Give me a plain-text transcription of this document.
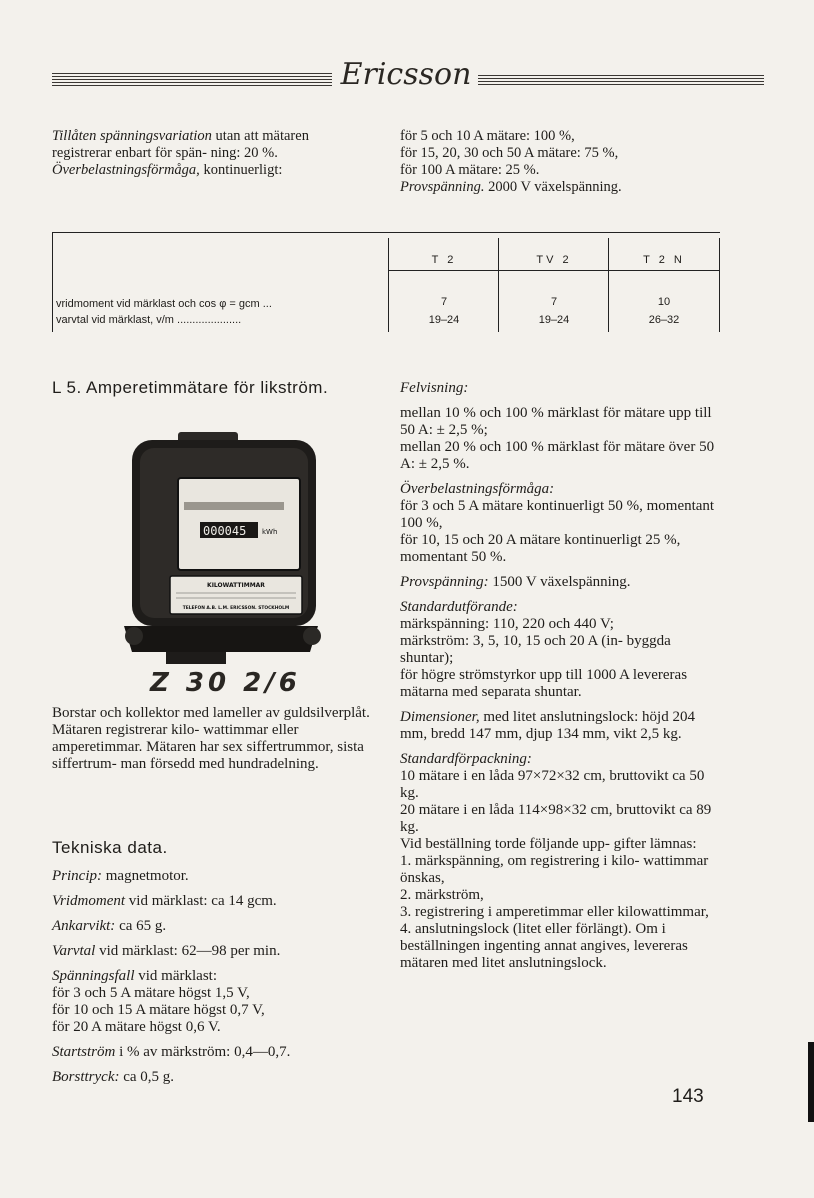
Ericsson

Tillåten spänningsvariation utan att mätaren registrerar enbart för spän- ning: 20 %.

Överbelastningsförmåga, kontinuerligt:

för 5 och 10 A mätare: 100 %,

för 15, 20, 30 och 50 A mätare: 75 %,

för 100 A mätare: 25 %.

Provspänning. 2000 V växelspänning.

vridmoment vid märklast och cos φ = gcm ...
varvtal vid märklast, v/m .....................
T 2
7
19–24
TV 2
7
19–24
T 2 N
10
26–32
L 5. Amperetimmätare för likström.
000045 kWh
KILOWATTIMMAR
TELEFON A.B. L.M. ERICSSON. STOCKHOLM
Z 30 2/6

Borstar och kollektor med lameller av guldsilverplåt. Mätaren registrerar kilo- wattimmar eller amperetimmar. Mätaren har sex siffertrummor, sista siffertrum- man försedd med hundradelning.

Tekniska data.

Princip: magnetmotor.

Vridmoment vid märklast: ca 14 gcm.

Ankarvikt: ca 65 g.

Varvtal vid märklast: 62—98 per min.

Spänningsfall vid märklast:

för 3 och 5 A mätare högst 1,5 V,

för 10 och 15 A mätare högst 0,7 V,

för 20 A mätare högst 0,6 V.

Startström i % av märkström: 0,4—0,7.

Borsttryck: ca 0,5 g.

Felvisning:

mellan 10 % och 100 % märklast för mätare upp till 50 A: ± 2,5 %;

mellan 20 % och 100 % märklast för mätare över 50 A: ± 2,5 %.

Överbelastningsförmåga:

för 3 och 5 A mätare kontinuerligt 50 %, momentant 100 %,

för 10, 15 och 20 A mätare kontinuerligt 25 %, momentant 50 %.

Provspänning: 1500 V växelspänning.

Standardutförande:

märkspänning: 110, 220 och 440 V;

märkström: 3, 5, 10, 15 och 20 A (in- byggda shuntar);

för högre strömstyrkor upp till 1000 A levereras mätarna med separata shuntar.

Dimensioner, med litet anslutningslock: höjd 204 mm, bredd 147 mm, djup 134 mm, vikt 2,5 kg.

Standardförpackning:

10 mätare i en låda 97×72×32 cm, bruttovikt ca 50 kg.

20 mätare i en låda 114×98×32 cm, bruttovikt ca 89 kg.

Vid beställning torde följande upp- gifter lämnas:

1. märkspänning, om registrering i kilo- wattimmar önskas,

2. märkström,

3. registrering i amperetimmar eller kilowattimmar,

4. anslutningslock (litet eller förlängt). Om i beställningen ingenting annat angives, levereras mätaren med litet anslutningslock.

143
